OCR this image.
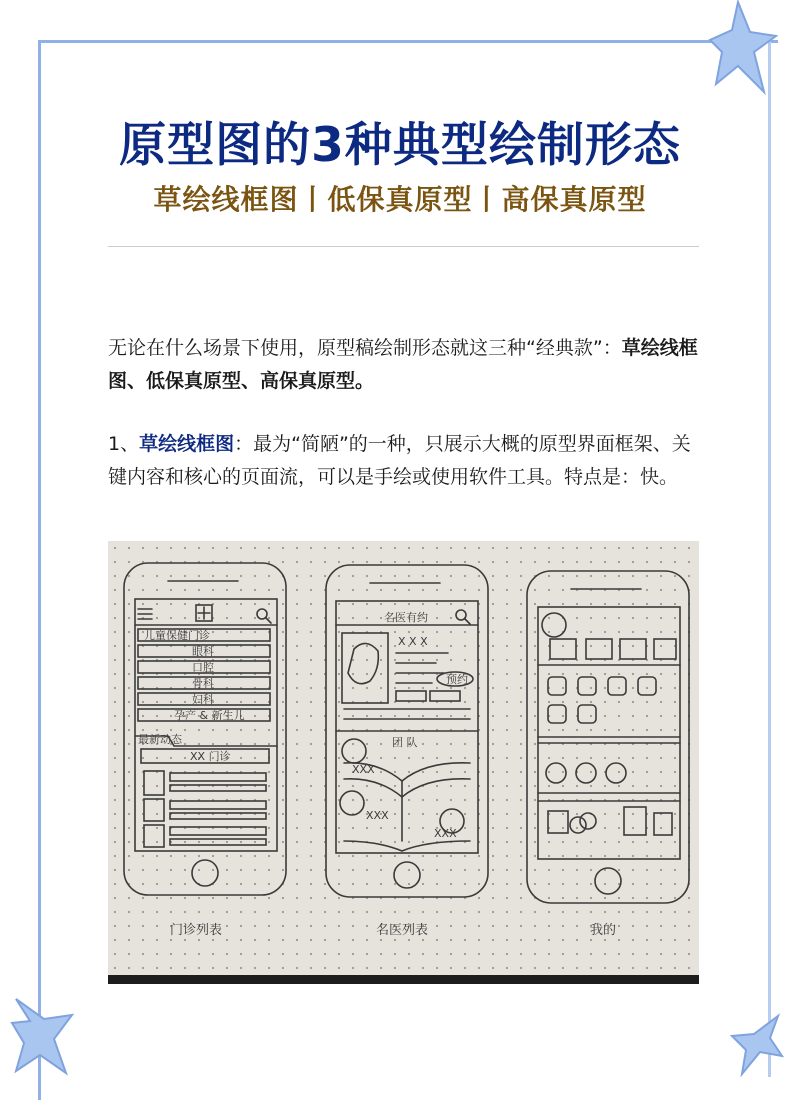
原型图的3种典型绘制形态
草绘线框图丨低保真原型丨高保真原型
无论在什么场景下使用，原型稿绘制形态就这三种“经典款”：草绘线框图、低保真原型、高保真原型。
1、草绘线框图：最为“简陋”的一种，只展示大概的原型界面框架、关键内容和核心的页面流，可以是手绘或使用软件工具。特点是：快。
儿童保健门诊
眼科
口腔
骨科
妇科
孕产 & 新生儿
最新动态
XX 门诊
名医有约
X X X
预约
团 队
XXX
XXX
XXX
门诊列表	名医列表	我的
